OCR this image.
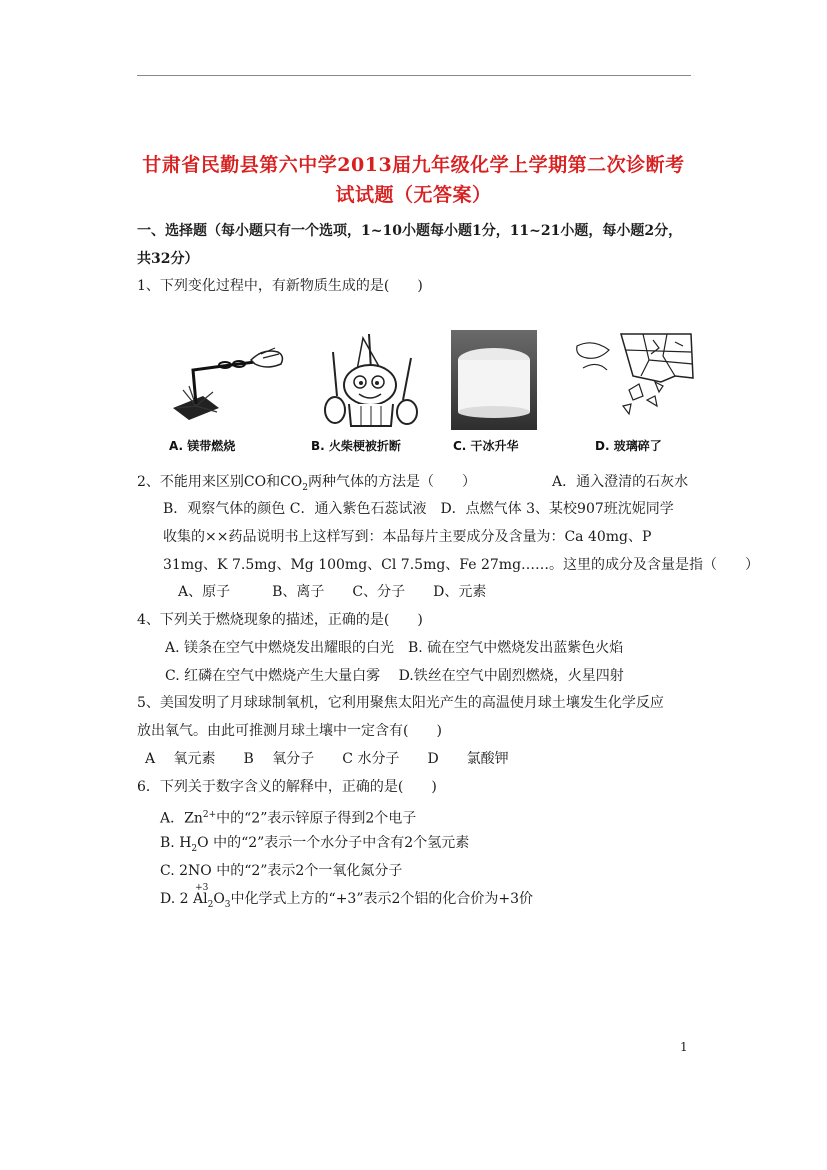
甘肃省民勤县第六中学2013届九年级化学上学期第二次诊断考
试试题（无答案）
一、选择题（每小题只有一个选项，1~10小题每小题1分，11~21小题，每小题2分，
共32分）
1、下列变化过程中，有新物质生成的是(　　)
A. 镁带燃烧	B. 火柴梗被折断	C. 干冰升华	D. 玻璃碎了
2、不能用来区别CO和$CO_2$两种气体的方法是（　　）	A．通入澄清的石灰水
B．观察气体的颜色 C．通入紫色石蕊试液　D．点燃气体 3、某校907班沈妮同学
收集的××药品说明书上这样写到：本品每片主要成分及含量为：Ca 40mg、P
31mg、K 7.5mg、Mg 100mg、Cl 7.5mg、Fe 27mg……。这里的成分及含量是指（　　）
A、原子　　　B、离子　　C、分子　　D、元素
4、下列关于燃烧现象的描述，正确的是(　　)
A. 镁条在空气中燃烧发出耀眼的白光　B. 硫在空气中燃烧发出蓝紫色火焰
C. 红磷在空气中燃烧产生大量白雾　 D.铁丝在空气中剧烈燃烧，火星四射
5、美国发明了月球球制氧机，它利用聚焦太阳光产生的高温使月球土壤发生化学反应
放出氧气。由此可推测月球土壤中一定含有(　　)
A　 氧元素　　B　 氧分子　　C 水分子　　D　　氯酸钾
6．下列关于数字含义的解释中，正确的是(　　)
A．$Zn^{2+}$中的“2”表示锌原子得到2个电子
B. $H_2O$ 中的“2”表示一个水分子中含有2个氢元素
C. 2NO 中的“2”表示2个一氧化氮分子
D. 2 A
+3
$l_2O_3$中化学式上方的“+3”表示2个铝的化合价为+3价
1
